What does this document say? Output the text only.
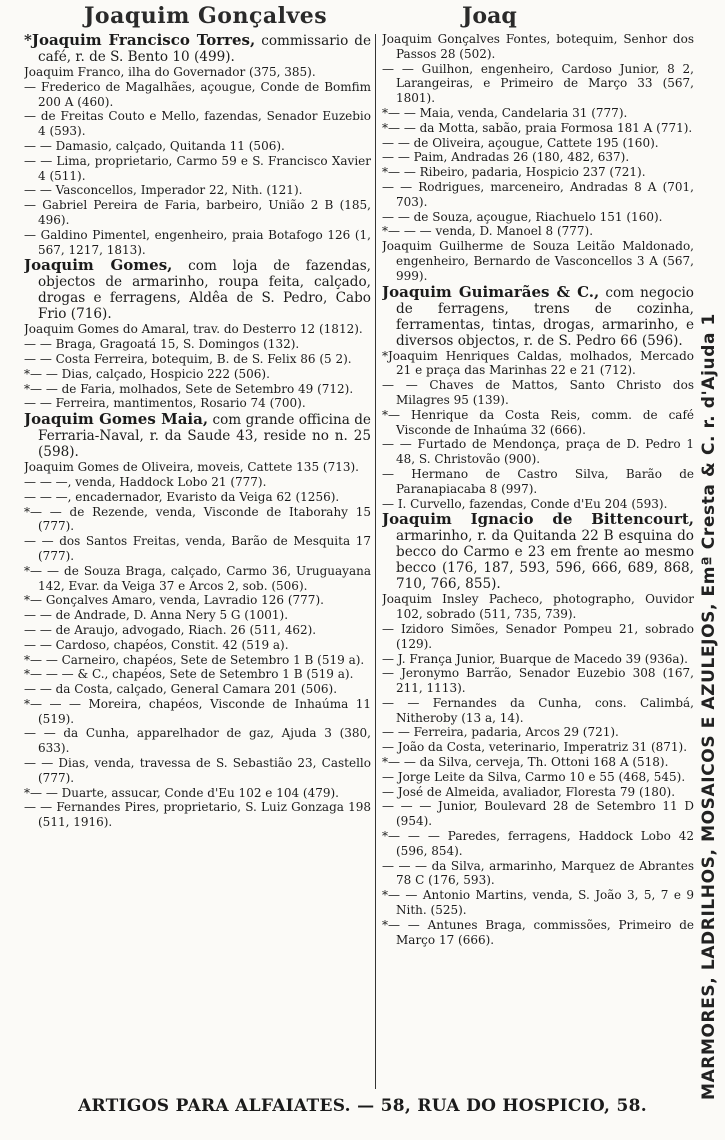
Joaquim Gonçalves	Joaq

*Joaquim Francisco Torres, commissario de café, r. de S. Bento 10 (499).

Joaquim Franco, ilha do Governador (375, 385).

— Frederico de Magalhães, açougue, Conde de Bomfim 200 A (460).

— de Freitas Couto e Mello, fazendas, Senador Euzebio 4 (593).

— — Damasio, calçado, Quitanda 11 (506).

— — Lima, proprietario, Carmo 59 e S. Francisco Xavier 4 (511).

— — Vasconcellos, Imperador 22, Nith. (121).

— Gabriel Pereira de Faria, barbeiro, União 2 B (185, 496).

— Galdino Pimentel, engenheiro, praia Botafogo 126 (1, 567, 1217, 1813).

Joaquim Gomes, com loja de fazendas, objectos de armarinho, roupa feita, calçado, drogas e ferragens, Aldêa de S. Pedro, Cabo Frio (716).

Joaquim Gomes do Amaral, trav. do Desterro 12 (1812).

— — Braga, Gragoatá 15, S. Domingos (132).

— — Costa Ferreira, botequim, B. de S. Felix 86 (5 2).

*— — Dias, calçado, Hospicio 222 (506).

*— — de Faria, molhados, Sete de Setembro 49 (712).

— — Ferreira, mantimentos, Rosario 74 (700).

Joaquim Gomes Maia, com grande officina de Ferraria-Naval, r. da Saude 43, reside no n. 25 (598).

Joaquim Gomes de Oliveira, moveis, Cattete 135 (713).

— — —, venda, Haddock Lobo 21 (777).

— — —, encadernador, Evaristo da Veiga 62 (1256).

*— — de Rezende, venda, Visconde de Itaborahy 15 (777).

— — dos Santos Freitas, venda, Barão de Mesquita 17 (777).

*— — de Souza Braga, calçado, Carmo 36, Uruguayana 142, Evar. da Veiga 37 e Arcos 2, sob. (506).

*— Gonçalves Amaro, venda, Lavradio 126 (777).

— — de Andrade, D. Anna Nery 5 G (1001).

— — de Araujo, advogado, Riach. 26 (511, 462).

— — Cardoso, chapéos, Constit. 42 (519 a).

*— — Carneiro, chapéos, Sete de Setembro 1 B (519 a).

*— — — & C., chapéos, Sete de Setembro 1 B (519 a).

— — da Costa, calçado, General Camara 201 (506).

*— — — Moreira, chapéos, Visconde de Inhaúma 11 (519).

— — da Cunha, apparelhador de gaz, Ajuda 3 (380, 633).

— — Dias, venda, travessa de S. Sebastião 23, Castello (777).

*— — Duarte, assucar, Conde d'Eu 102 e 104 (479).

— — Fernandes Pires, proprietario, S. Luiz Gonzaga 198 (511, 1916).

Joaquim Gonçalves Fontes, botequim, Senhor dos Passos 28 (502).

— — Guilhon, engenheiro, Cardoso Junior, 8 2, Larangeiras, e Primeiro de Março 33 (567, 1801).

*— — Maia, venda, Candelaria 31 (777).

*— — da Motta, sabão, praia Formosa 181 A (771).

— — de Oliveira, açougue, Cattete 195 (160).

— — Paim, Andradas 26 (180, 482, 637).

*— — Ribeiro, padaria, Hospicio 237 (721).

— — Rodrigues, marceneiro, Andradas 8 A (701, 703).

— — de Souza, açougue, Riachuelo 151 (160).

*— — — venda, D. Manoel 8 (777).

Joaquim Guilherme de Souza Leitão Maldonado, engenheiro, Bernardo de Vasconcellos 3 A (567, 999).

Joaquim Guimarães & C., com negocio de ferragens, trens de cozinha, ferramentas, tintas, drogas, armarinho, e diversos objectos, r. de S. Pedro 66 (596).

*Joaquim Henriques Caldas, molhados, Mercado 21 e praça das Marinhas 22 e 21 (712).

— — Chaves de Mattos, Santo Christo dos Milagres 95 (139).

*— Henrique da Costa Reis, comm. de café Visconde de Inhaúma 32 (666).

— — Furtado de Mendonça, praça de D. Pedro 1 48, S. Christovão (900).

— Hermano de Castro Silva, Barão de Paranapiacaba 8 (997).

— I. Curvello, fazendas, Conde d'Eu 204 (593).

Joaquim Ignacio de Bittencourt, armarinho, r. da Quitanda 22 B esquina do becco do Carmo e 23 em frente ao mesmo becco (176, 187, 593, 596, 666, 689, 868, 710, 766, 855).

Joaquim Insley Pacheco, photographo, Ouvidor 102, sobrado (511, 735, 739).

— Izidoro Simões, Senador Pompeu 21, sobrado (129).

— J. França Junior, Buarque de Macedo 39 (936a).

— Jeronymo Barrão, Senador Euzebio 308 (167, 211, 1113).

— — Fernandes da Cunha, cons. Calimbá, Nitheroby (13 a, 14).

— — Ferreira, padaria, Arcos 29 (721).

— João da Costa, veterinario, Imperatriz 31 (871).

*— — da Silva, cerveja, Th. Ottoni 168 A (518).

— Jorge Leite da Silva, Carmo 10 e 55 (468, 545).

— José de Almeida, avaliador, Floresta 79 (180).

— — — Junior, Boulevard 28 de Setembro 11 D (954).

*— — — Paredes, ferragens, Haddock Lobo 42 (596, 854).

— — — da Silva, armarinho, Marquez de Abrantes 78 C (176, 593).

*— — Antonio Martins, venda, S. João 3, 5, 7 e 9 Nith. (525).

*— — Antunes Braga, commissões, Primeiro de Março 17 (666).	MARMORES, LADRILHOS, MOSAICOS E AZULEJOS, Emª Cresta & C. r. d'Ajuda 1
ARTIGOS PARA ALFAIATES. — 58, RUA DO HOSPICIO, 58.
